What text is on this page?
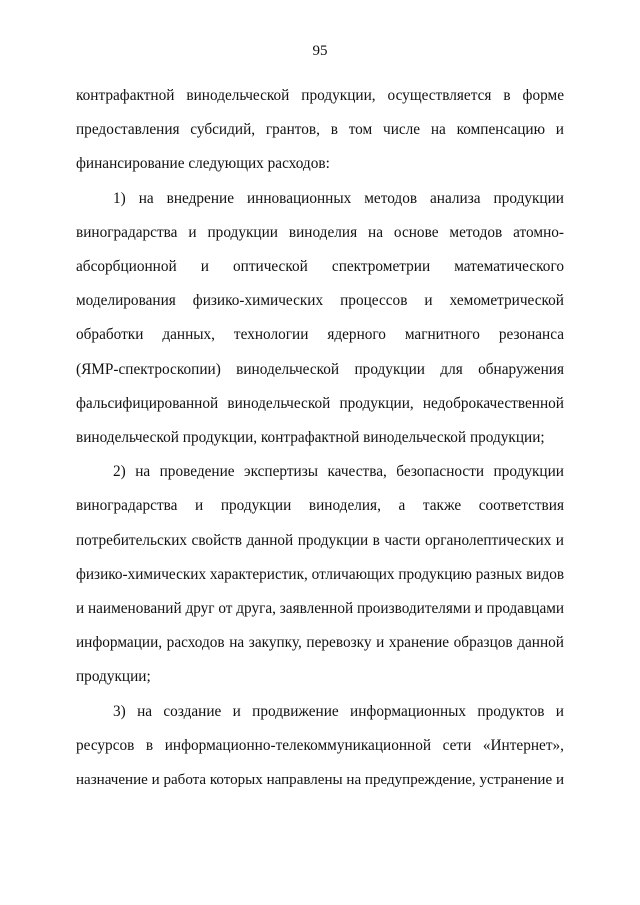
95

контрафактной винодельческой продукции, осуществляется в форме
предоставления субсидий, грантов, в том числе на компенсацию и
финансирование следующих расходов:

1) на внедрение инновационных методов анализа продукции
виноградарства и продукции виноделия на основе методов атомно-
абсорбционной и оптической спектрометрии математического
моделирования физико-химических процессов и хемометрической
обработки данных, технологии ядерного магнитного резонанса
(ЯМР-спектроскопии) винодельческой продукции для обнаружения
фальсифицированной винодельческой продукции, недоброкачественной
винодельческой продукции, контрафактной винодельческой продукции;

2) на проведение экспертизы качества, безопасности продукции
виноградарства и продукции виноделия, а также соответствия
потребительских свойств данной продукции в части органолептических и
физико-химических характеристик, отличающих продукцию разных видов
и наименований друг от друга, заявленной производителями и продавцами
информации, расходов на закупку, перевозку и хранение образцов данной
продукции;

3) на создание и продвижение информационных продуктов и
ресурсов в информационно-телекоммуникационной сети «Интернет»,
назначение и работа которых направлены на предупреждение, устранение и
